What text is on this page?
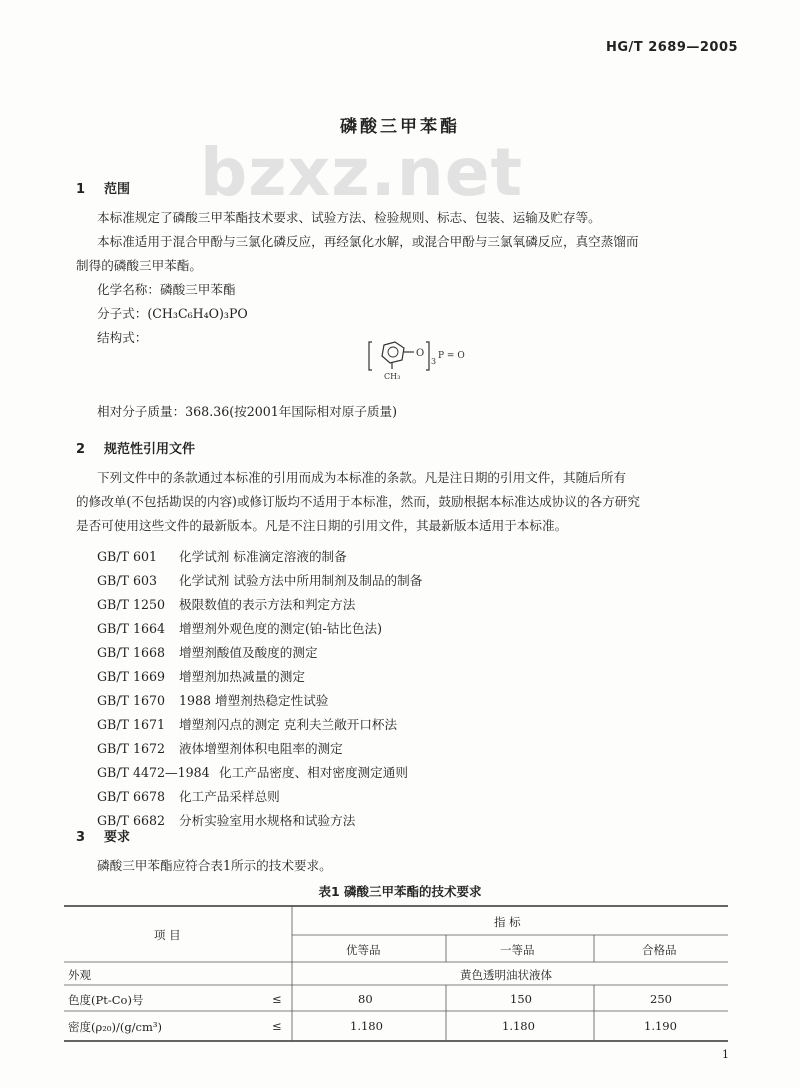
HG/T 2689—2005
bzxz.net
磷酸三甲苯酯
1 范围
本标准规定了磷酸三甲苯酯技术要求、试验方法、检验规则、标志、包装、运输及贮存等。
本标准适用于混合甲酚与三氯化磷反应，再经氯化水解，或混合甲酚与三氯氧磷反应，真空蒸馏而
制得的磷酸三甲苯酯。
化学名称：磷酸三甲苯酯
分子式：(CH₃C₆H₄O)₃PO
结构式：
O
CH₃
3
P = O
相对分子质量：368.36(按2001年国际相对原子质量)
2 规范性引用文件
下列文件中的条款通过本标准的引用而成为本标准的条款。凡是注日期的引用文件，其随后所有
的修改单(不包括勘误的内容)或修订版均不适用于本标准，然而，鼓励根据本标准达成协议的各方研究
是否可使用这些文件的最新版本。凡是不注日期的引用文件，其最新版本适用于本标准。
GB/T 601 化学试剂 标准滴定溶液的制备
GB/T 603 化学试剂 试验方法中所用制剂及制品的制备
GB/T 1250 极限数值的表示方法和判定方法
GB/T 1664 增塑剂外观色度的测定(铂-钴比色法)
GB/T 1668 增塑剂酸值及酸度的测定
GB/T 1669 增塑剂加热减量的测定
GB/T 1670 1988 增塑剂热稳定性试验
GB/T 1671 增塑剂闪点的测定 克利夫兰敞开口杯法
GB/T 1672 液体增塑剂体积电阻率的测定
GB/T 4472—1984 化工产品密度、相对密度测定通则
GB/T 6678 化工产品采样总则
GB/T 6682 分析实验室用水规格和试验方法
3 要求
磷酸三甲苯酯应符合表1所示的技术要求。
表1 磷酸三甲苯酯的技术要求
项 目
指 标
优等品	一等品	合格品
外观	黄色透明油状液体
色度(Pt-Co)号	≤	80	150	250
密度(ρ₂₀)/(g/cm³)	≤	1.180	1.180	1.190
1
